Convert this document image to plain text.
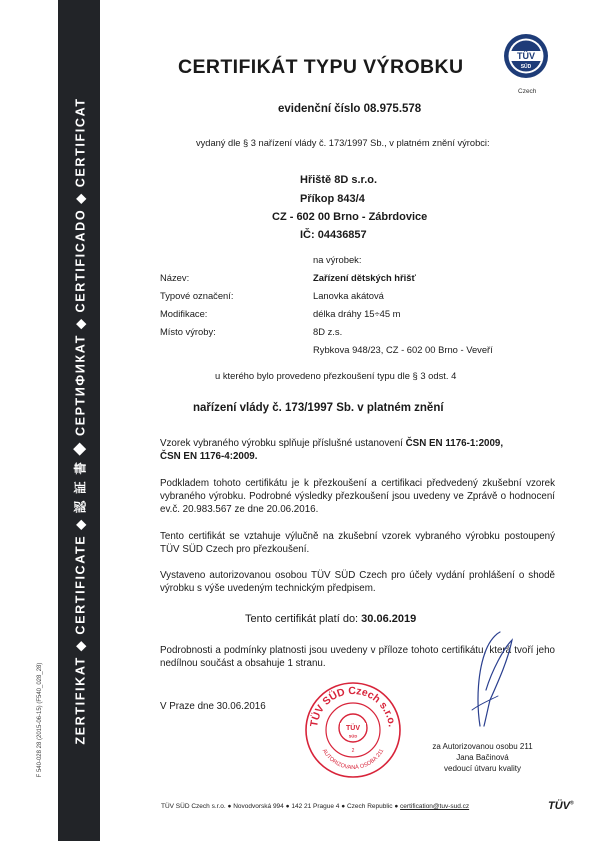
ZERTIFIKAT ◆ CERTIFICATE ◆ 認 証 書 ◆ СЕРТИФИКАТ ◆ CERTIFICADO ◆ CERTIFICAT
F 540-028 28 (2015-06-15) (F540_028_28)
CERTIFIKÁT TYPU VÝROBKU	TÜV
SÜD
Czech
evidenční číslo 08.975.578
vydaný dle § 3 nařízení vlády č. 173/1997 Sb., v platném znění výrobci:
Hřiště 8D s.r.o.
Příkop 843/4
CZ - 602 00 Brno - Zábrdovice
IČ: 04436857
na výrobek:
Název:	Zařízení dětských hřišť
Typové označení:	Lanovka akátová
Modifikace:	délka dráhy 15÷45 m
Místo výroby:	8D z.s.
Rybkova 948/23, CZ - 602 00 Brno - Veveří
u kterého bylo provedeno přezkoušení typu dle § 3 odst. 4
nařízení vlády č. 173/1997 Sb. v platném znění
Vzorek vybraného výrobku splňuje příslušné ustanovení ČSN EN 1176-1:2009,
ČSN EN 1176-4:2009.
Podkladem tohoto certifikátu je k přezkoušení a certifikaci předvedený zkušební vzorek vybraného výrobku. Podrobné výsledky přezkoušení jsou uvedeny ve Zprávě o hodnocení ev.č. 20.983.567 ze dne 20.06.2016.
Tento certifikát se vztahuje výlučně na zkušební vzorek vybraného výrobku postoupený TÜV SÜD Czech pro přezkoušení.
Vystaveno autorizovanou osobou TÜV SÜD Czech pro účely vydání prohlášení o shodě výrobku s výše uvedeným technickým předpisem.
Tento certifikát platí do: 30.06.2019
Podrobnosti a podmínky platnosti jsou uvedeny v příloze tohoto certifikátu, která tvoří jeho nedílnou součást a obsahuje 1 stranu.
V Praze dne 30.06.2016
TÜV SÜD Czech s.r.o.
AUTORIZOVANÁ OSOBA 211
TÜV
SÜD
2	za Autorizovanou osobu 211
Jana Bačinová
vedoucí útvaru kvality
TÜV SÜD Czech s.r.o. ● Novodvorská 994 ● 142 21 Prague 4 ● Czech Republic ● certification@tuv-sud.cz	TÜV®
